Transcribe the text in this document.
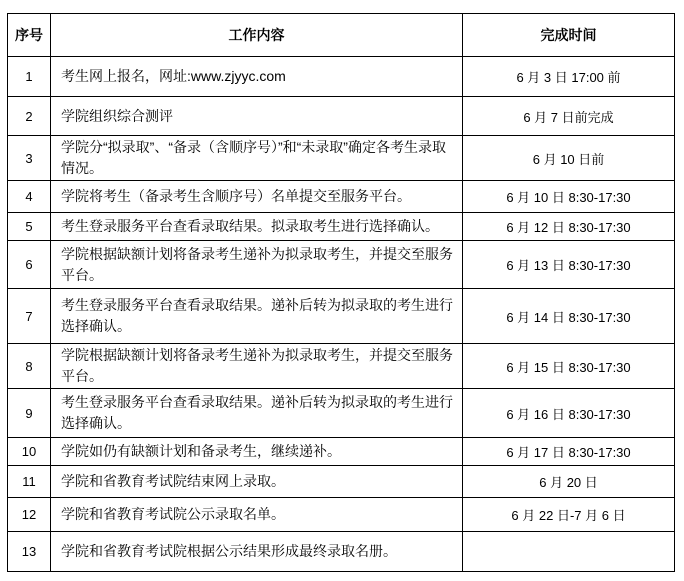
序号	工作内容	完成时间
1	考生网上报名，网址:www.zjyyc.com	6 月 3 日 17:00 前
2	学院组织综合测评	6 月 7 日前完成
3	学院分“拟录取”、“备录（含顺序号）”和“未录取”确定各考生录取情况。	6 月 10 日前
4	学院将考生（备录考生含顺序号）名单提交至服务平台。	6 月 10 日 8:30-17:30
5	考生登录服务平台查看录取结果。拟录取考生进行选择确认。	6 月 12 日 8:30-17:30
6	学院根据缺额计划将备录考生递补为拟录取考生，并提交至服务平台。	6 月 13 日 8:30-17:30
7	考生登录服务平台查看录取结果。递补后转为拟录取的考生进行选择确认。	6 月 14 日 8:30-17:30
8	学院根据缺额计划将备录考生递补为拟录取考生，并提交至服务平台。	6 月 15 日 8:30-17:30
9	考生登录服务平台查看录取结果。递补后转为拟录取的考生进行选择确认。	6 月 16 日 8:30-17:30
10	学院如仍有缺额计划和备录考生，继续递补。	6 月 17 日 8:30-17:30
11	学院和省教育考试院结束网上录取。	6 月 20 日
12	学院和省教育考试院公示录取名单。	6 月 22 日-7 月 6 日
13	学院和省教育考试院根据公示结果形成最终录取名册。	
